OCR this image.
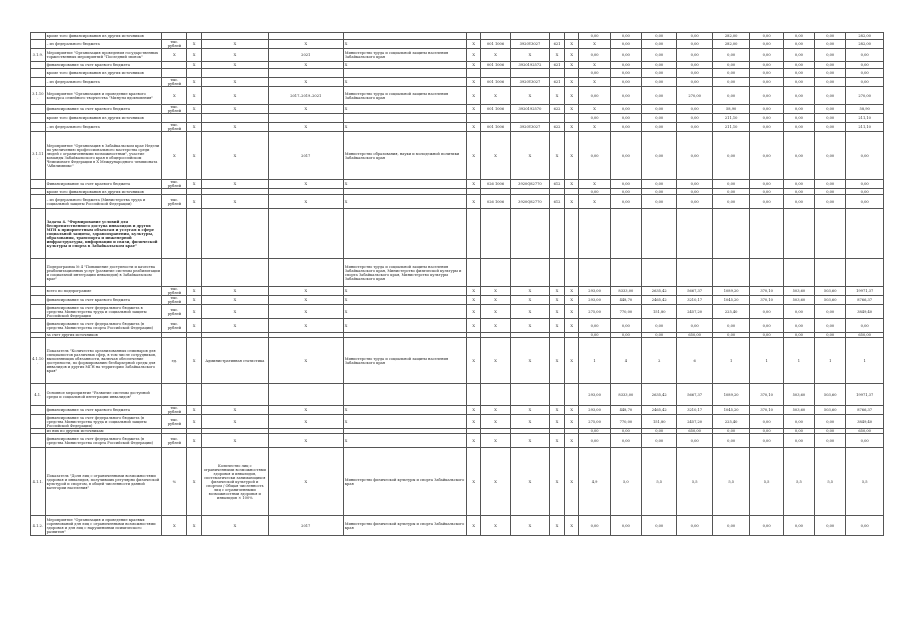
	кроме того финансирования из других источников											0,00	0,00	0,00	0,00	282,00	0,00	0,00	0,00	282,00
	– из федерального бюджета	тыс. рублей	X	X	X	X	X	001 1006	3920Y3027	621	X	X	0,00	0,00	0,00	282,00	0,00	0,00	0,00	282,00
3.1.9.	Мероприятие "Организация проведения государственных торжественных мероприятий "Последний звонок"	X	X	X	2021	Министерство труда и социальной защиты населения Забайкальского края	X	X	X	X	X	0,00	0,00	0,00	0,00	0,00	0,00	0,00	0,00	0,00
	финансирование за счет краевого бюджета		X	X	X	X	X	001 1006	3920192572	621	X	X	0,00	0,00	0,00	0,00	0,00	0,00	0,00	0,00
	кроме того финансирования из других источников											0,00	0,00	0,00	0,00	0,00	0,00	0,00	0,00	0,00
	– из федерального бюджета	тыс. рублей	X	X	X	X	X	001 1006	3920Y3027	621	X	X	0,00	0,00	0,00	0,00	0,00	0,00	0,00	0,00
3.1.10.	Мероприятие "Организация и проведение краевого конкурса семейного творчества "Минуты вдохновения"	X	X	X	2017–2019–2021	Министерство труда и социальной защиты населения Забайкальского края	X	X	X	X	X	0,00	0,00	0,00	270,00	0,00	0,00	0,00	0,00	270,00
	финансирование за счет краевого бюджета	тыс. рублей	X	X	X	X	X	001 1006	3920192570	622	X	X	0,00	0,00	0,00	58,90	0,00	0,00	0,00	58,90
	кроме того финансирования из других источников											0,00	0,00	0,00	0,00	211,10	0,00	0,00	0,00	211,10
	– из федерального бюджета	тыс. рублей	X	X	X	X	X	001 1006	3920Y3027	622	X	X	0,00	0,00	0,00	211,10	0,00	0,00	0,00	211,10
3.1.11.	Мероприятие "Организация в Забайкальском крае Недели по увеличению профессионального мастерства среди людей с ограниченными возможностями", участие команды Забайкальского края в общероссийском Чемпионате Федерации в X Международного чемпионата "Абилимпикс"	X	X	X	2017	Министерство образования, науки и молодежной политики Забайкальского края	X	X	X	X	X	0,00	0,00	0,00	0,00	0,00	0,00	0,00	0,00	0,00
	Финансирование за счет краевого бюджета	тыс. рублей	X	X	X	X	X	026 1006	3920Q82770	612	X	X	0,00	0,00	0,00	0,00	0,00	0,00	0,00	0,00
	кроме того финансирования из других источников											0,00	0,00	0,00	0,00	0,00	0,00	0,00	0,00	0,00
	– из федерального бюджета (Министерства труда и социальной защиты Российской Федерации)	тыс. рублей	X	X	X	X	X	026 1006	3920Q82770	612	X	X	0,00	0,00	0,00	0,00	0,00	0,00	0,00	0,00
	Задача 4. "Формирование условий для беспрепятственного доступа инвалидов и других МГН к приоритетным объектам и услугам в сфере социальной защиты, здравоохранения, культуры, образования, транспорта и инженерной инфраструктуры, информации и связи, физической культуры и спорта в Забайкальском крае"																			
	Подпрограмма № 4 "Повышение доступности и качества реабилитационных услуг (развитие системы реабилитации и социальной интеграции инвалидов) в Забайкальском крае"					Министерство труда и социальной защиты населения Забайкальского края, Министерство физической культуры и спорта Забайкальского края, Министерство культуры Забайкальского края														
	всего по подпрограмме	тыс. рублей	X	X	X	X	X	X	X	X	X	293,00	8333,00	2635,42	5667,37	1089,20	370,10	503,60	503,60	19971,37
	финансирование за счет краевого бюджета	тыс. рублей	X	X	X	X	X	X	X	X	X	293,00	448,70	2465,42	3210,17	1045,20	370,10	503,60	503,60	8766,37
	финансирование за счет федерального бюджета в средства Министерства труда и социальной защиты Российской Федерации	тыс. рублей	X	X	X	X	X	X	X	X	X	275,00	770,00	151,80	2457,20	225,40	0,00	0,00	0,00	3849,40
	финансирование за счет федерального бюджета (в средства Министерства спорта Российской Федерации)	тыс. рублей	X	X	X	X	X	X	X	X	X	0,00	0,00	0,00	0,00	0,00	0,00	0,00	0,00	0,00
	за счет других источников											0,00	0,00	0,00	650,00	0,00	0,00	0,00	0,00	650,00
4.1.10.	Показатель "Количество организованных семинаров для специалистов различных сфер, в том числе сотрудников, выполняющих обязанности, включая обеспечение доступности, по формированию безбарьерной среды для инвалидов и других МГН на территории Забайкальского края"	ед.	X	Административная статистика	X	Министерство труда и социальной защиты населения Забайкальского края	X	X	X	X	X	1	4	2	6	1	1	1	1	1
4.1.	Основное мероприятие "Развитие системы доступной среды и социальной интеграции инвалидов"											293,00	8333,00	2635,42	5667,37	1089,20	370,10	503,60	503,60	19971,37
	финансирование за счет краевого бюджета	тыс. рублей	X	X	X	X	X	X	X	X	X	293,00	448,70	2465,42	3210,17	1045,20	370,10	503,60	503,60	8766,37
	финансирование за счет федерального бюджета (в средства Министерства труда и социальной защиты Российской Федерации)	тыс. рублей	X	X	X	X	X	X	X	X	X	275,00	770,00	151,80	2457,20	225,40	0,00	0,00	0,00	3849,40
	из них по другим источникам											0,00	0,00	0,00	650,00	0,00	0,00	0,00	0,00	650,00
	финансирование за счет федерального бюджета (в средства Министерства спорта Российской Федерации)	тыс. рублей	X	X	X	X	X	X	X	X	X	0,00	0,00	0,00	0,00	0,00	0,00	0,00	0,00	0,00
4.1.1.	Показатель "Доля лиц с ограниченными возможностями здоровья и инвалидов, получивших регулярно физической культурой и спортом, в общей численности данной категории населения"	%	X	Количество лиц с ограниченными возможностями здоровья и инвалидов, систематически занимающихся физической культурой и спортом / Общая численность лиц с ограниченными возможностями здоровья и инвалидов × 100%	X	Министерство физической культуры и спорта Забайкальского края	X	X	X	X	X	4,9	5,0	5,5	5,5	5,5	5,5	5,5	5,5	5,5
4.1.2.	Мероприятие "Организация и проведение краевых соревнований для лиц с ограниченными возможностями здоровья и для лиц с нарушениями психического развития"	X	X	X	2017	Министерство физической культуры и спорта Забайкальского края	X	X	X	X	X	0,00	0,00	0,00	0,00	0,00	0,00	0,00	0,00	0,00
